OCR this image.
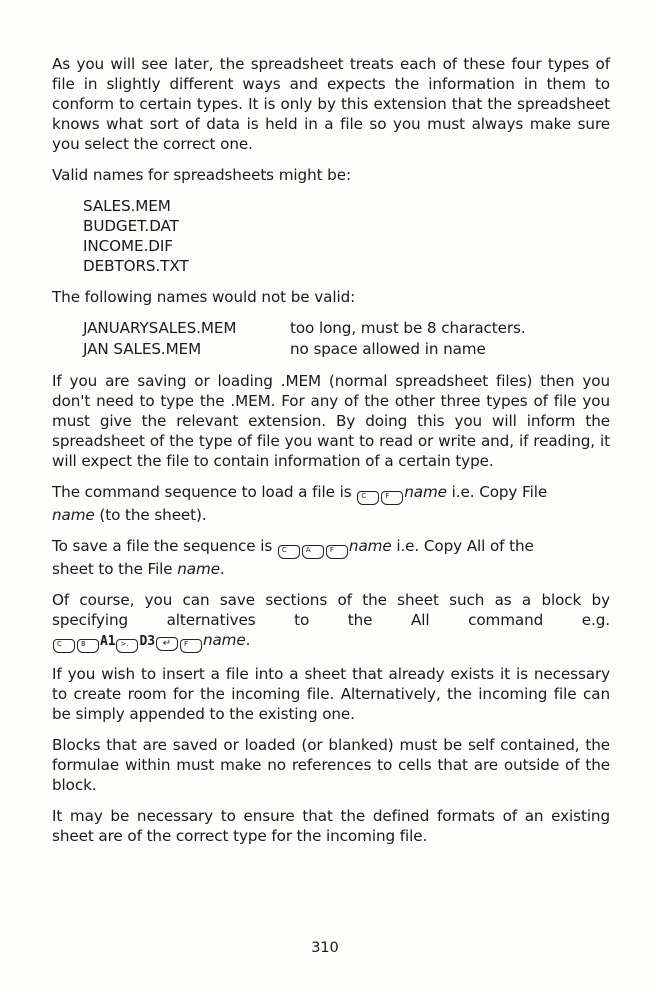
As you will see later, the spreadsheet treats each of these four types of file in slightly different ways and expects the information in them to conform to certain types. It is only by this extension that the spreadsheet knows what sort of data is held in a file so you must always make sure you select the correct one.

Valid names for spreadsheets might be:

SALES.MEM
BUDGET.DAT
INCOME.DIF
DEBTORS.TXT

The following names would not be valid:

JANUARYSALES.MEM	too long, must be 8 characters.
JAN SALES.MEM	no space allowed in name

If you are saving or loading .MEM (normal spreadsheet files) then you don't need to type the .MEM. For any of the other three types of file you must give the relevant extension. By doing this you will inform the spreadsheet of the type of file you want to read or write and, if reading, it will expect the file to contain information of a certain type.

The command sequence to load a file is C	F name i.e. Copy File
name (to the sheet).

To save a file the sequence is C	A	F name i.e. Copy All of the
sheet to the File name.

Of course, you can save sections of the sheet such as a block by specifying alternatives to the All command e.g.
C	B A1 >. D3 ↵ F name.

If you wish to insert a file into a sheet that already exists it is necessary to create room for the incoming file. Alternatively, the incoming file can be simply appended to the existing one.

Blocks that are saved or loaded (or blanked) must be self contained, the formulae within must make no references to cells that are outside of the block.

It may be necessary to ensure that the defined formats of an existing sheet are of the correct type for the incoming file.

310
